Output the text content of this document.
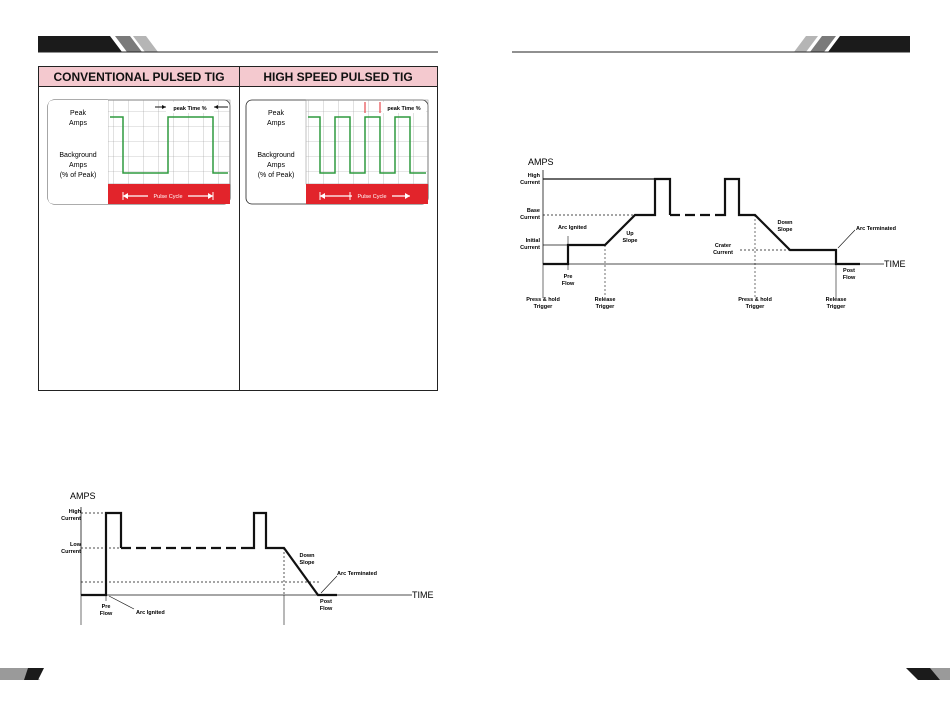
CONVENTIONAL PULSED TIG	HIGH SPEED PULSED TIG
Peak
Amps
Background
Amps
(% of Peak)
peak Time %
Pulse Cycle
Peak
Amps
Background
Amps
(% of Peak)
peak Time %
Pulse Cycle
AMPS
TIME
High
Current
Low
Current
Down
Slope
Arc Terminated
Pre
Flow	Arc Ignited
Post
Flow
AMPS
TIME
High
Current
Base
Current
Initial
Current
Arc Ignited
Up
Slope
Down
Slope
Crater
Current
Arc Terminated
Pre
Flow
Post
Flow
Press & hold
Trigger
Release
Trigger
Press & hold
Trigger
Release
Trigger
